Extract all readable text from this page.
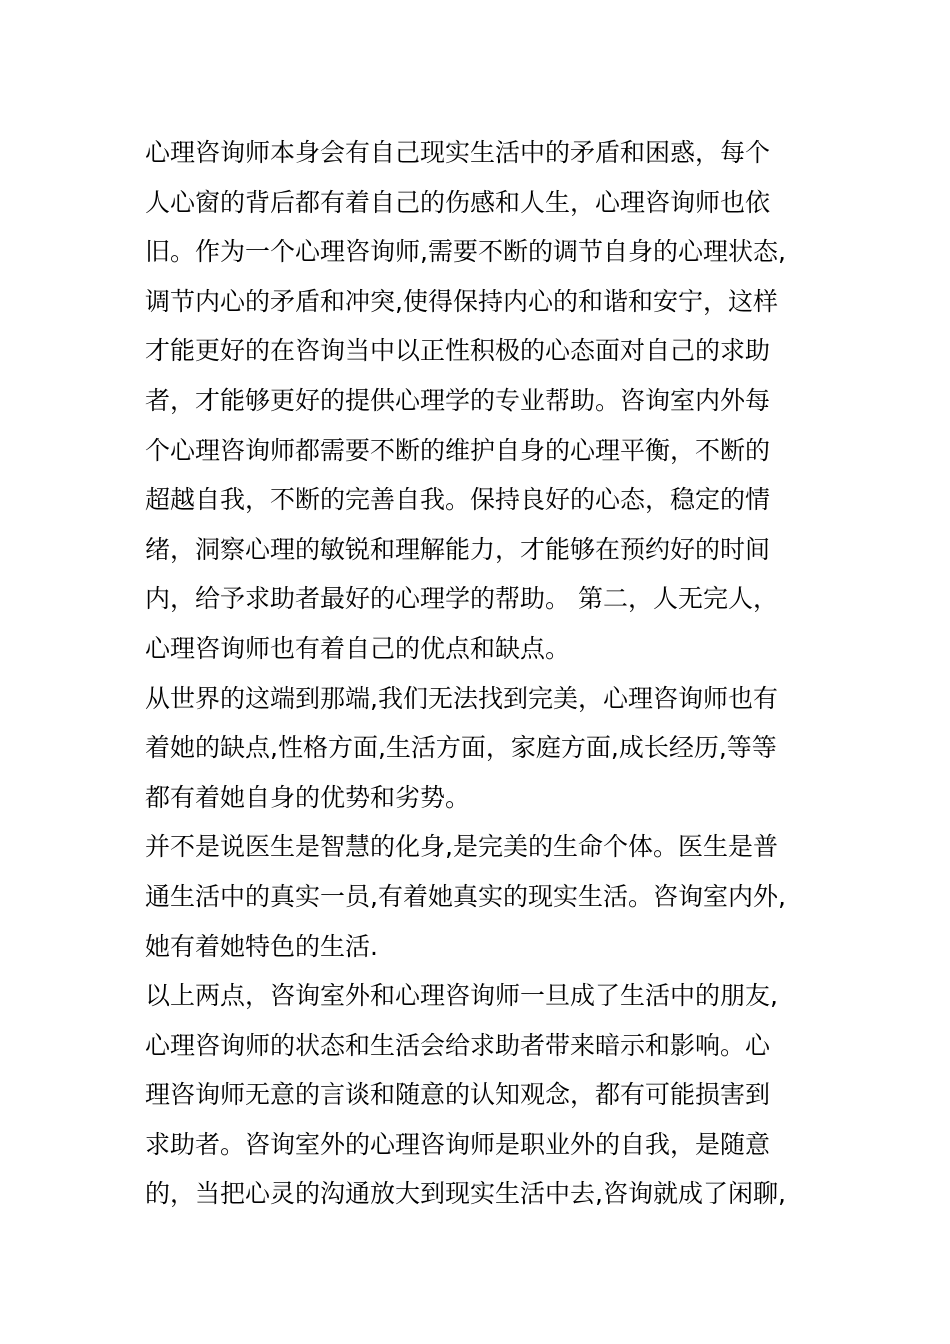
心理咨询师本身会有自己现实生活中的矛盾和困惑，每个
人心窗的背后都有着自己的伤感和人生，心理咨询师也依
旧。作为一个心理咨询师,需要不断的调节自身的心理状态,
调节内心的矛盾和冲突,使得保持内心的和谐和安宁，这样
才能更好的在咨询当中以正性积极的心态面对自己的求助
者，才能够更好的提供心理学的专业帮助。咨询室内外每
个心理咨询师都需要不断的维护自身的心理平衡，不断的
超越自我，不断的完善自我。保持良好的心态，稳定的情
绪，洞察心理的敏锐和理解能力，才能够在预约好的时间
内，给予求助者最好的心理学的帮助。 第二，人无完人，
心理咨询师也有着自己的优点和缺点。
从世界的这端到那端,我们无法找到完美，心理咨询师也有
着她的缺点,性格方面,生活方面，家庭方面,成长经历,等等
都有着她自身的优势和劣势。
并不是说医生是智慧的化身,是完美的生命个体。医生是普
通生活中的真实一员,有着她真实的现实生活。咨询室内外,
她有着她特色的生活.
以上两点，咨询室外和心理咨询师一旦成了生活中的朋友,
心理咨询师的状态和生活会给求助者带来暗示和影响。心
理咨询师无意的言谈和随意的认知观念，都有可能损害到
求助者。咨询室外的心理咨询师是职业外的自我，是随意
的，当把心灵的沟通放大到现实生活中去,咨询就成了闲聊,
